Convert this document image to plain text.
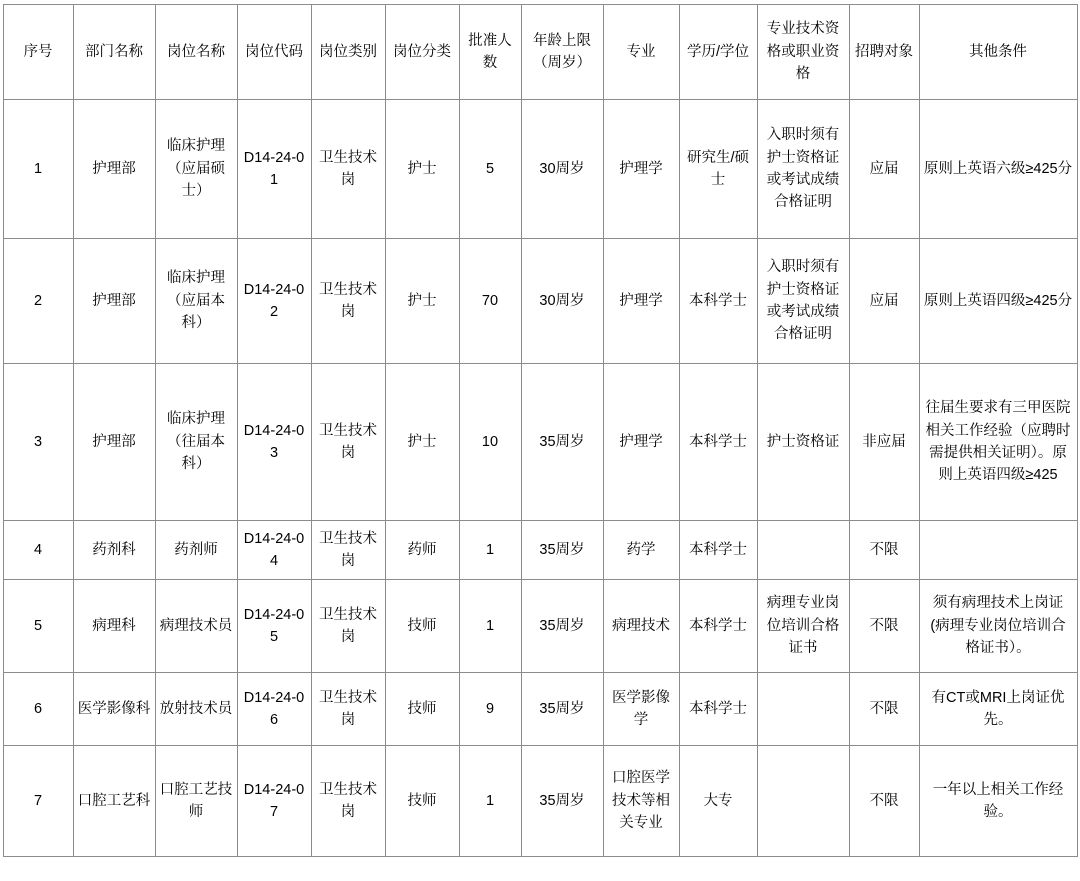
序号	部门名称	岗位名称	岗位代码	岗位类别	岗位分类	批准人数	年龄上限（周岁）	专业	学历/学位	专业技术资格或职业资格	招聘对象	其他条件
1	护理部	临床护理（应届硕士）	D14-24-01	卫生技术岗	护士	5	30周岁	护理学	研究生/硕士	入职时须有护士资格证或考试成绩合格证明	应届	原则上英语六级≥425分
2	护理部	临床护理（应届本科）	D14-24-02	卫生技术岗	护士	70	30周岁	护理学	本科学士	入职时须有护士资格证或考试成绩合格证明	应届	原则上英语四级≥425分
3	护理部	临床护理（往届本科）	D14-24-03	卫生技术岗	护士	10	35周岁	护理学	本科学士	护士资格证	非应届	往届生要求有三甲医院相关工作经验（应聘时需提供相关证明）。原则上英语四级≥425
4	药剂科	药剂师	D14-24-04	卫生技术岗	药师	1	35周岁	药学	本科学士		不限	
5	病理科	病理技术员	D14-24-05	卫生技术岗	技师	1	35周岁	病理技术	本科学士	病理专业岗位培训合格证书	不限	须有病理技术上岗证(病理专业岗位培训合格证书）。
6	医学影像科	放射技术员	D14-24-06	卫生技术岗	技师	9	35周岁	医学影像学	本科学士		不限	有CT或MRI上岗证优先。
7	口腔工艺科	口腔工艺技师	D14-24-07	卫生技术岗	技师	1	35周岁	口腔医学技术等相关专业	大专		不限	一年以上相关工作经验。
